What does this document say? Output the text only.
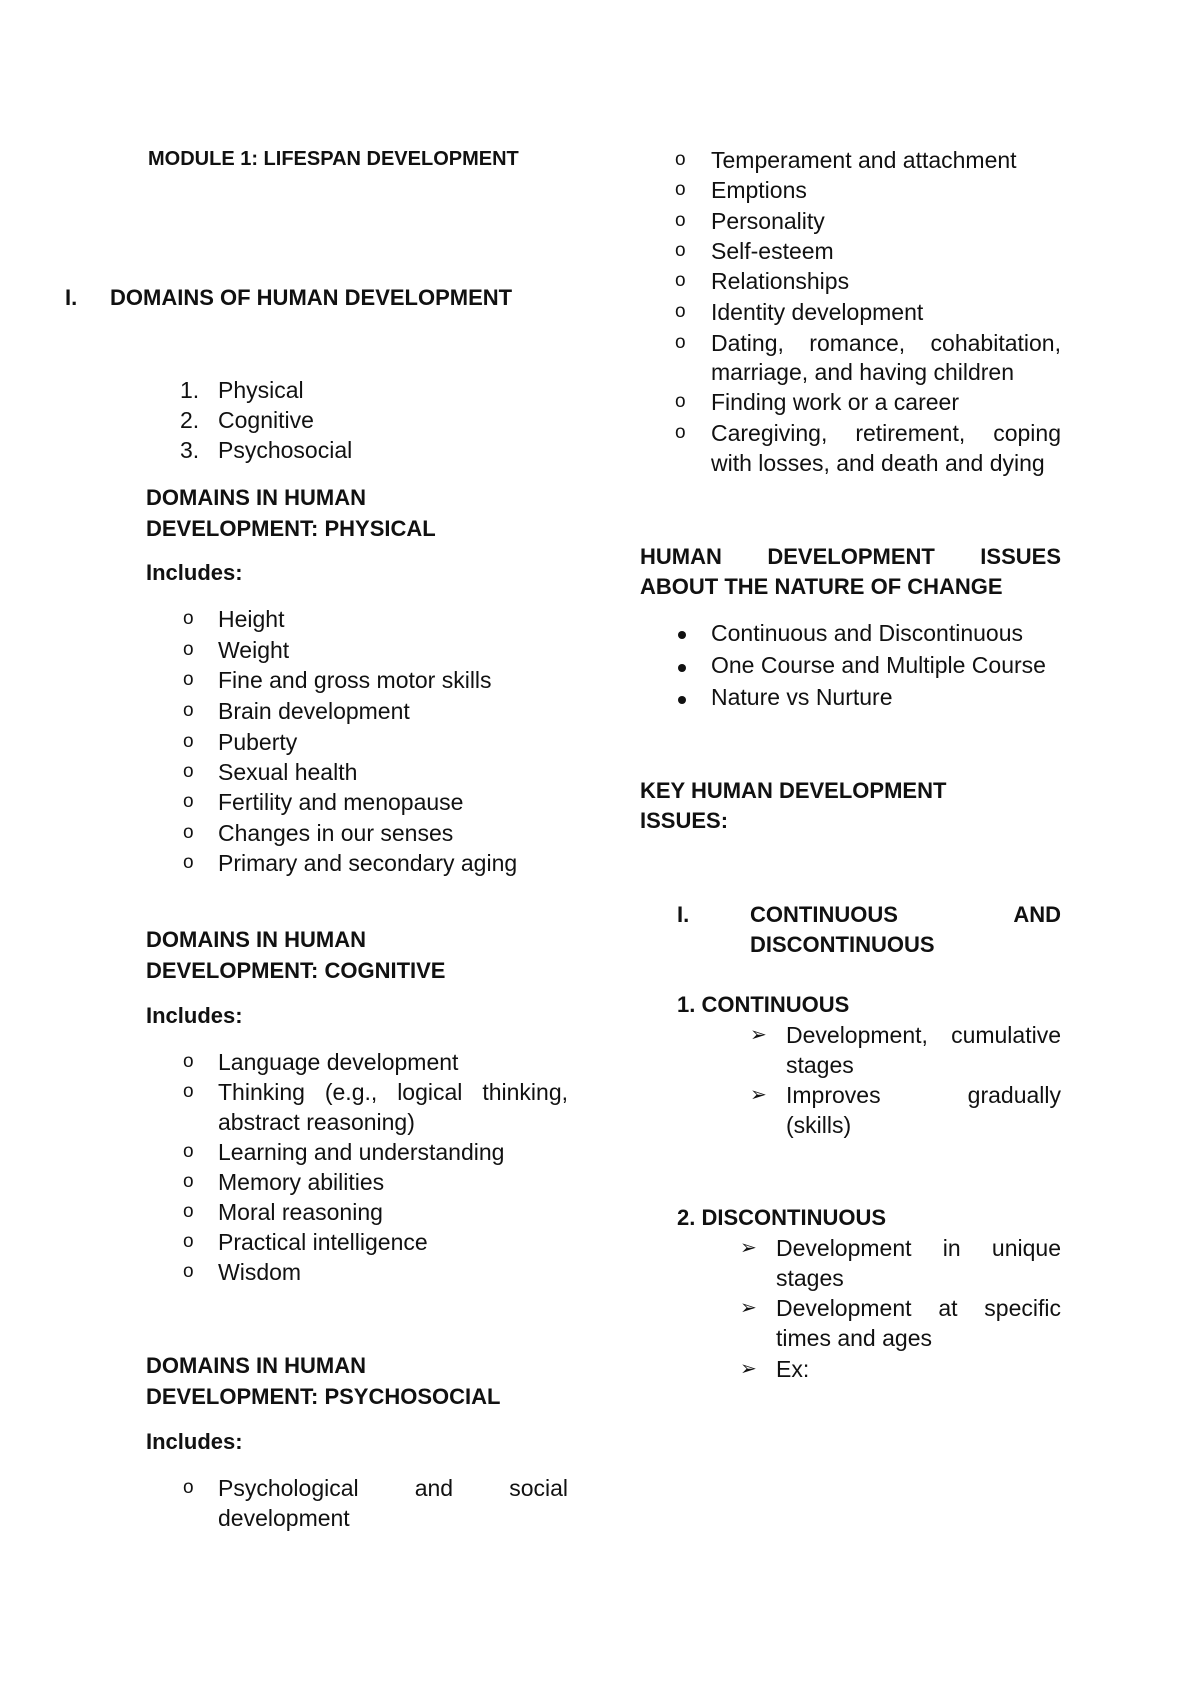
MODULE 1: LIFESPAN DEVELOPMENT
I. DOMAINS OF HUMAN DEVELOPMENT
1. Physical
2. Cognitive
3. Psychosocial
DOMAINS IN HUMAN
DEVELOPMENT: PHYSICAL
Includes:
o Height
o Weight
o Fine and gross motor skills
o Brain development
o Puberty
o Sexual health
o Fertility and menopause
o Changes in our senses
o Primary and secondary aging
DOMAINS IN HUMAN
DEVELOPMENT: COGNITIVE
Includes:
o Language development
o Thinking (e.g., logical thinking,
abstract reasoning)
o Learning and understanding
o Memory abilities
o Moral reasoning
o Practical intelligence
o Wisdom
DOMAINS IN HUMAN
DEVELOPMENT: PSYCHOSOCIAL
Includes:
o Psychological and social
development
o Temperament and attachment
o Emptions
o Personality
o Self-esteem
o Relationships
o Identity development
o Dating, romance, cohabitation,
marriage, and having children
o Finding work or a career
o Caregiving, retirement, coping
with losses, and death and dying
HUMAN DEVELOPMENT ISSUES
ABOUT THE NATURE OF CHANGE
Continuous and Discontinuous
One Course and Multiple Course
Nature vs Nurture
KEY HUMAN DEVELOPMENT
ISSUES:
I.	CONTINUOUS AND
DISCONTINUOUS
1. CONTINUOUS
➢ Development, cumulative
stages
➢ Improves gradually
(skills)
2. DISCONTINUOUS
➢ Development in unique
stages
➢ Development at specific
times and ages
➢ Ex:
